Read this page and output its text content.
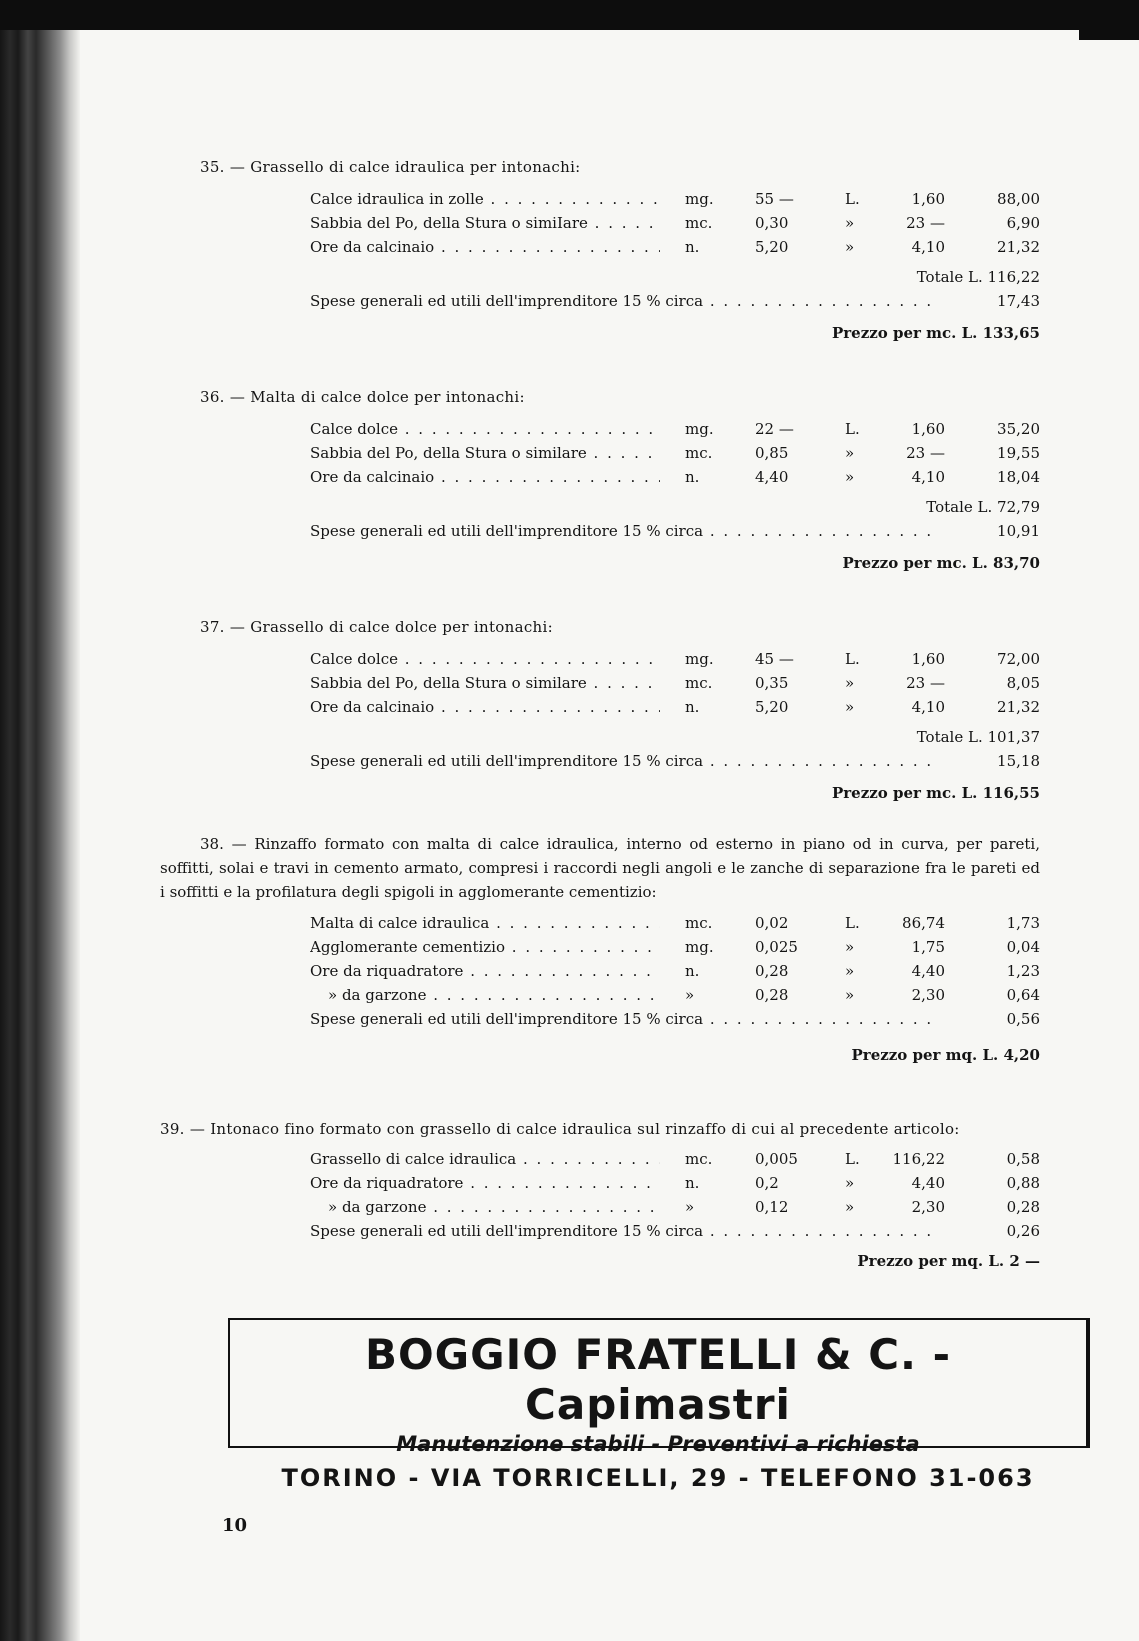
35. — Grassello di calce idraulica per intonachi:
Calce idraulica in zolle . . .	mg.	55 —	L.	1,60	88,00
Sabbia del Po, della Stura o simiIare . . .	mc.	0,30	»	23 —	6,90
Ore da calcinaio . . .	n.	5,20	»	4,10	21,32
Totale L. 116,22
Spese generali ed utili dell'imprenditore 15 % circa . . .	17,43
Prezzo per mc. L. 133,65
36. — Malta di calce dolce per intonachi:
Calce dolce . . .	mg.	22 —	L.	1,60	35,20
Sabbia del Po, della Stura o similare . . .	mc.	0,85	»	23 —	19,55
Ore da calcinaio . . .	n.	4,40	»	4,10	18,04
Totale L. 72,79
Spese generali ed utili dell'imprenditore 15 % circa . . .	10,91
Prezzo per mc. L. 83,70
37. — Grassello di calce dolce per intonachi:
Calce dolce . . .	mg.	45 —	L.	1,60	72,00
Sabbia del Po, della Stura o similare . . .	mc.	0,35	»	23 —	8,05
Ore da calcinaio . . .	n.	5,20	»	4,10	21,32
Totale L. 101,37
Spese generali ed utili dell'imprenditore 15 % circa . . .	15,18
Prezzo per mc. L. 116,55
38. — Rinzaffo formato con malta di calce idraulica, interno od esterno in piano od in curva, per pareti, soffitti, solai e travi in cemento armato, compresi i raccordi negli angoli e le zanche di separazione fra le pareti ed i soffitti e la profilatura degli spigoli in agglomerante cementizio:
Malta di calce idraulica . . .	mc.	0,02	L.	86,74	1,73
Agglomerante cementizio . . .	mg.	0,025	»	1,75	0,04
Ore da riquadratore . . .	n.	0,28	»	4,40	1,23
» da garzone . . .	»	0,28	»	2,30	0,64
Spese generali ed utili dell'imprenditore 15 % circa . . .	0,56
Prezzo per mq. L. 4,20
39. — Intonaco fino formato con grassello di calce idraulica sul rinzaffo di cui al precedente articolo:
Grassello di calce idraulica . . .	mc.	0,005	L.	116,22	0,58
Ore da riquadratore . . .	n.	0,2	»	4,40	0,88
» da garzone . . .	»	0,12	»	2,30	0,28
Spese generali ed utili dell'imprenditore 15 % circa . . .	0,26
Prezzo per mq. L. 2 —
BOGGIO FRATELLI & C. - Capimastri
Manutenzione stabili - Preventivi a richiesta
TORINO - VIA TORRICELLI, 29 - TELEFONO 31-063
10
